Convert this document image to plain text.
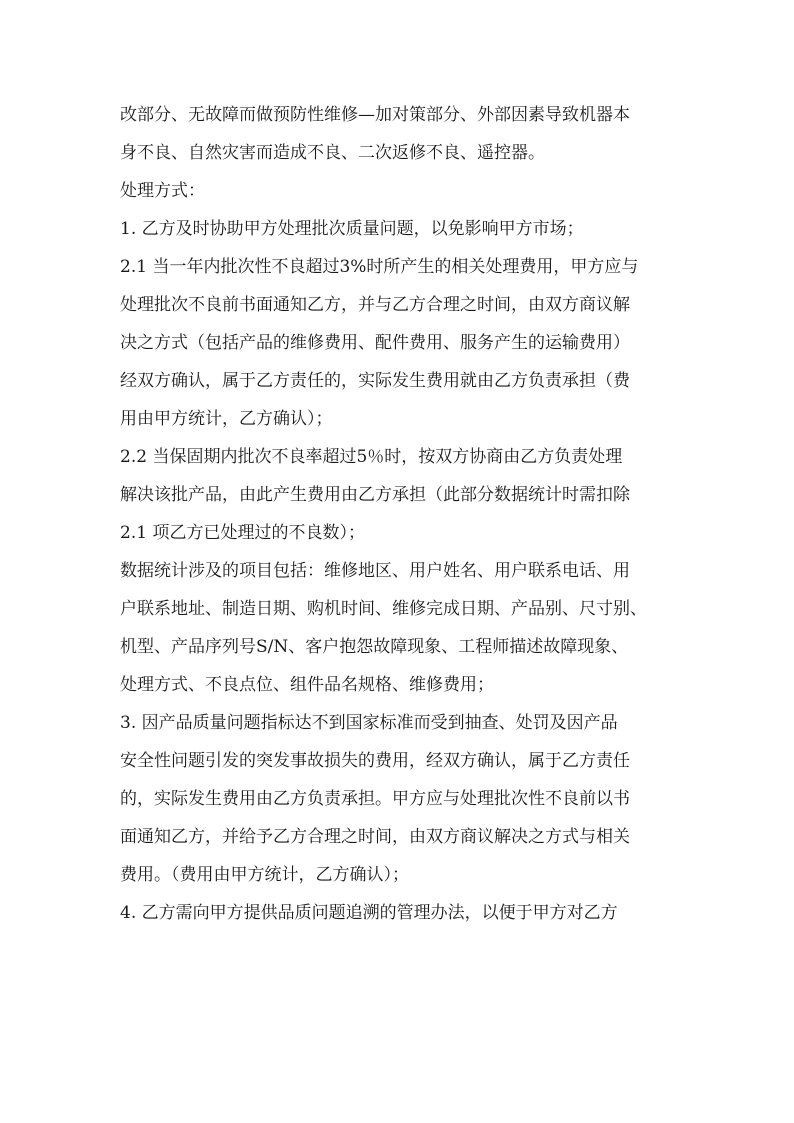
改部分、无故障而做预防性维修—加对策部分、外部因素导致机器本
身不良、自然灾害而造成不良、二次返修不良、遥控器。
处理方式：
1. 乙方及时协助甲方处理批次质量问题，以免影响甲方市场；
2.1 当一年内批次性不良超过3%时所产生的相关处理费用，甲方应与
处理批次不良前书面通知乙方，并与乙方合理之时间，由双方商议解
决之方式（包括产品的维修费用、配件费用、服务产生的运输费用）
经双方确认，属于乙方责任的，实际发生费用就由乙方负责承担（费
用由甲方统计，乙方确认）；
2.2 当保固期内批次不良率超过5％时，按双方协商由乙方负责处理
解决该批产品，由此产生费用由乙方承担（此部分数据统计时需扣除
2.1 项乙方已处理过的不良数）；
数据统计涉及的项目包括：维修地区、用户姓名、用户联系电话、用
户联系地址、制造日期、购机时间、维修完成日期、产品别、尺寸别、
机型、产品序列号S/N、客户抱怨故障现象、工程师描述故障现象、
处理方式、不良点位、组件品名规格、维修费用；
3. 因产品质量问题指标达不到国家标准而受到抽查、处罚及因产品
安全性问题引发的突发事故损失的费用，经双方确认，属于乙方责任
的，实际发生费用由乙方负责承担。甲方应与处理批次性不良前以书
面通知乙方，并给予乙方合理之时间，由双方商议解决之方式与相关
费用。（费用由甲方统计，乙方确认）；
4. 乙方需向甲方提供品质问题追溯的管理办法，以便于甲方对乙方
